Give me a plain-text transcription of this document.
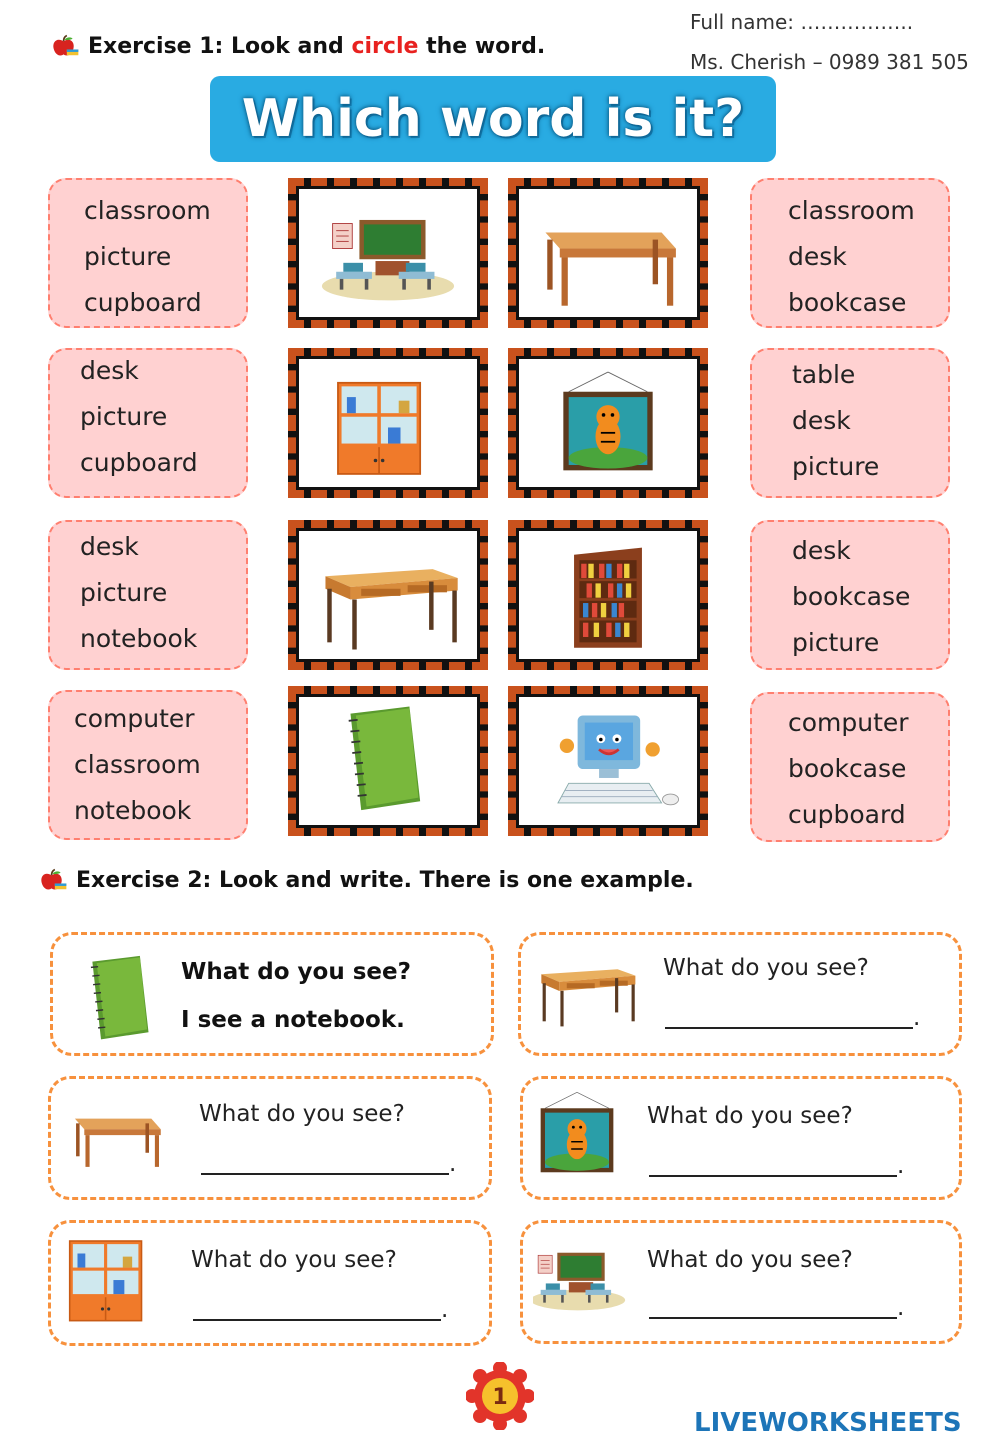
Exercise 1: Look and circle the word.
Full name: ……………..
Ms. Cherish – 0989 381 505
Which word is it?
classroom
picture
cupboard
classroom
desk
bookcase
desk
picture
cupboard
table
desk
picture
desk
picture
notebook
desk
bookcase
picture
computer
classroom
notebook
computer
bookcase
cupboard
Exercise 2: Look and write. There is one example.
What do you see?
I see a notebook.
What do you see?
.
What do you see?
.
What do you see?
.
What do you see?
.
What do you see?
.
1
LIVEWORKSHEETS
